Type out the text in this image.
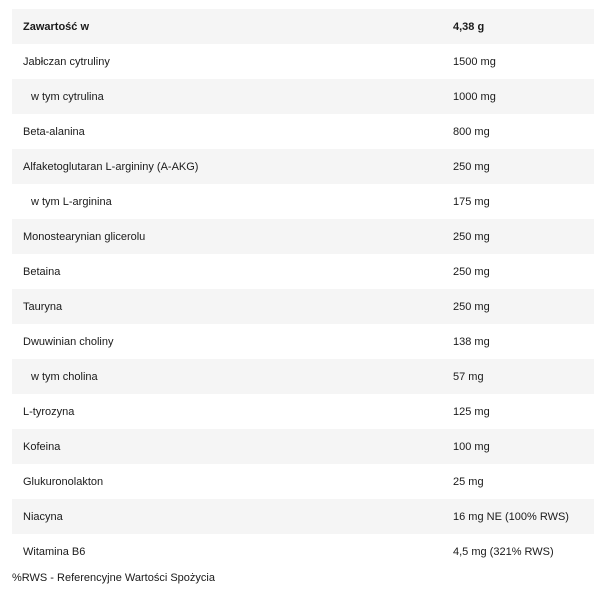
Zawartość w	4,38 g
Jabłczan cytruliny	1500 mg
w tym cytrulina	1000 mg
Beta-alanina	800 mg
Alfaketoglutaran L-argininy (A-AKG)	250 mg
w tym L-arginina	175 mg
Monostearynian glicerolu	250 mg
Betaina	250 mg
Tauryna	250 mg
Dwuwinian choliny	138 mg
w tym cholina	57 mg
L-tyrozyna	125 mg
Kofeina	100 mg
Glukuronolakton	25 mg
Niacyna	16 mg NE (100% RWS)
Witamina B6	4,5 mg (321% RWS)
%RWS - Referencyjne Wartości Spożycia
